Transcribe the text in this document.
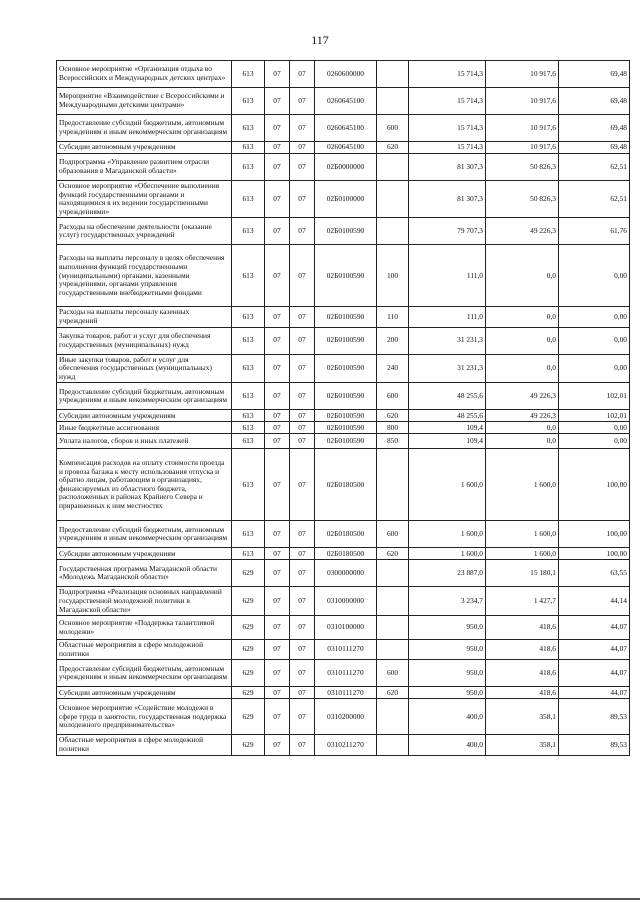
117
Основное мероприятие «Организация отдыха во Всероссийских и Международных детских центрах»	613	07	07	0260600000		15 714,3	10 917,6	69,48
Мероприятие «Взаимодействие с Всероссийскими и Международными детскими центрами»	613	07	07	0260645100		15 714,3	10 917,6	69,48
Предоставление субсидий бюджетным, автономным учреждениям и иным некоммерческим организациям	613	07	07	0260645100	600	15 714,3	10 917,6	69,48
Субсидии автономным учреждениям	613	07	07	0260645100	620	15 714,3	10 917,6	69,48
Подпрограмма «Управление развитием отрасли образования в Магаданской области»	613	07	07	02Б0000000		81 307,3	50 826,3	62,51
Основное мероприятие «Обеспечение выполнения функций государственными органами и находящимися в их ведении государственными учреждениями»	613	07	07	02Б0100000		81 307,3	50 826,3	62,51
Расходы на обеспечение деятельности (оказание услуг) государственных учреждений	613	07	07	02Б0100590		79 707,3	49 226,3	61,76
Расходы на выплаты персоналу в целях обеспечения выполнения функций государственными (муниципальными) органами, казенными учреждениями, органами управления государственными внебюджетными фондами	613	07	07	02Б0100590	100	111,0	0,0	0,00
Расходы на выплаты персоналу казенных учреждений	613	07	07	02Б0100590	110	111,0	0,0	0,00
Закупка товаров, работ и услуг для обеспечения государственных (муниципальных) нужд	613	07	07	02Б0100590	200	31 231,3	0,0	0,00
Иные закупки товаров, работ и услуг для обеспечения государственных (муниципальных) нужд	613	07	07	02Б0100590	240	31 231,3	0,0	0,00
Предоставление субсидий бюджетным, автономным учреждениям и иным некоммерческим организациям	613	07	07	02Б0100590	600	48 255,6	49 226,3	102,01
Субсидии автономным учреждениям	613	07	07	02Б0100590	620	48 255,6	49 226,3	102,01
Иные бюджетные ассигнования	613	07	07	02Б0100590	800	109,4	0,0	0,00
Уплата налогов, сборов и иных платежей	613	07	07	02Б0100590	850	109,4	0,0	0,00
Компенсация расходов на оплату стоимости проезда и провоза багажа к месту использования отпуска и обратно лицам, работающим в организациях, финансируемых из областного бюджета, расположенных в районах Крайнего Севера и приравненных к ним местностях	613	07	07	02Б0180500		1 600,0	1 600,0	100,00
Предоставление субсидий бюджетным, автономным учреждениям и иным некоммерческим организациям	613	07	07	02Б0180500	600	1 600,0	1 600,0	100,00
Субсидии автономным учреждениям	613	07	07	02Б0180500	620	1 600,0	1 600,0	100,00
Государственная программа Магаданской области «Молодежь Магаданской области»	629	07	07	0300000000		23 887,0	15 180,1	63,55
Подпрограмма «Реализация основных направлений государственной молодежной политики в Магаданской области»	629	07	07	0310000000		3 234,7	1 427,7	44,14
Основное мероприятие «Поддержка талантливой молодежи»	629	07	07	0310100000		950,0	418,6	44,07
Областные мероприятия в сфере молодежной политики	629	07	07	0310111270		950,0	418,6	44,07
Предоставление субсидий бюджетным, автономным учреждениям и иным некоммерческим организациям	629	07	07	0310111270	600	950,0	418,6	44,07
Субсидии автономным учреждениям	629	07	07	0310111270	620	950,0	418,6	44,07
Основное мероприятие «Содействие молодежи в сфере труда и занятости, государственная поддержка молодежного предпринимательства»	629	07	07	0310200000		400,0	358,1	89,53
Областные мероприятия в сфере молодежной политики	629	07	07	0310211270		400,0	358,1	89,53
